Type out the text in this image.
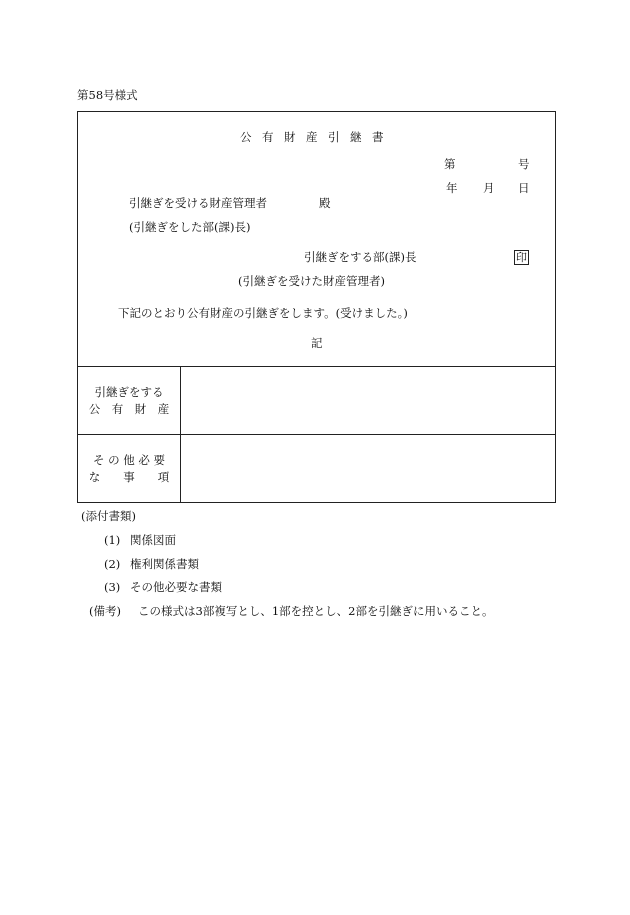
第58号様式
公有財産引継書
第	号
年 月 日
引継ぎを受ける財産管理者	殿
(引継ぎをした部(課)長)
引継ぎをする部(課)長	印
(引継ぎを受けた財産管理者)
下記のとおり公有財産の引継ぎをします。(受けました。)
記
引継ぎをする
公　有　財　産
そ の 他 必 要
な　　事　　項
(添付書類)
(1) 関係図面
(2) 権利関係書類
(3) その他必要な書類
(備考) この様式は3部複写とし、1部を控とし、2部を引継ぎに用いること。
